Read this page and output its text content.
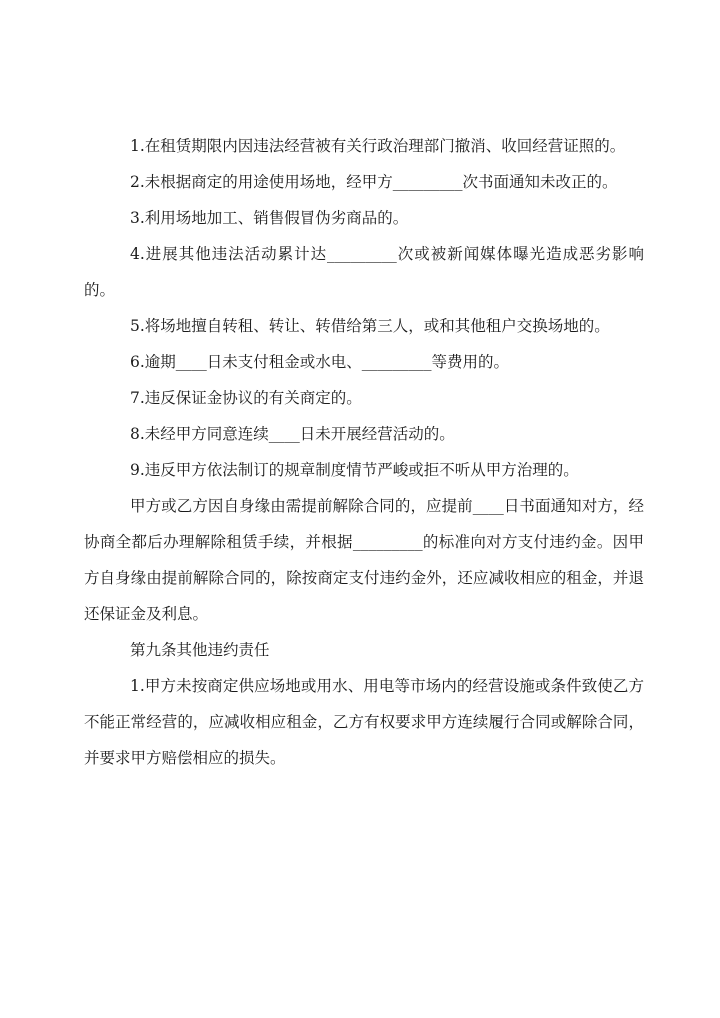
1.在租赁期限内因违法经营被有关行政治理部门撤消、收回经营证照的。

2.未根据商定的用途使用场地，经甲方_________次书面通知未改正的。

3.利用场地加工、销售假冒伪劣商品的。

4.进展其他违法活动累计达_________次或被新闻媒体曝光造成恶劣影响的。

5.将场地擅自转租、转让、转借给第三人，或和其他租户交换场地的。

6.逾期____日未支付租金或水电、_________等费用的。

7.违反保证金协议的有关商定的。

8.未经甲方同意连续____日未开展经营活动的。

9.违反甲方依法制订的规章制度情节严峻或拒不听从甲方治理的。

甲方或乙方因自身缘由需提前解除合同的，应提前____日书面通知对方，经协商全都后办理解除租赁手续，并根据_________的标准向对方支付违约金。因甲方自身缘由提前解除合同的，除按商定支付违约金外，还应减收相应的租金，并退还保证金及利息。

第九条其他违约责任

1.甲方未按商定供应场地或用水、用电等市场内的经营设施或条件致使乙方不能正常经营的，应减收相应租金，乙方有权要求甲方连续履行合同或解除合同，并要求甲方赔偿相应的损失。
